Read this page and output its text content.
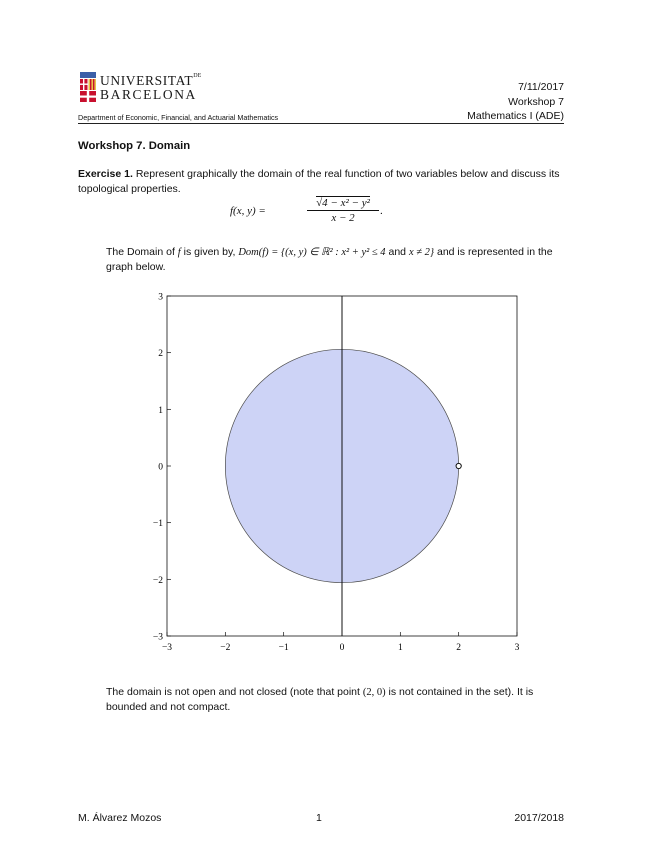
$UNIVERSITAT^{DE}$
BARCELONA
Department of Economic, Financial, and Actuarial Mathematics
7/11/2017
Workshop 7
Mathematics I (ADE)
Workshop 7. Domain
Exercise 1. Represent graphically the domain of the real function of two variables below and discuss its topological properties.
f(x, y) =	$\frac{\text{√4 − x² − y²}}{x - 2}$ .
The Domain of f is given by, Dom(f) = {(x, y) ∈ ℝ² : x² + y² ≤ 4 and x ≠ 2} and is represented in the graph below.
−3	−2	−1	0	1	2	3
3
2
1
0
−1
−2
−3
The domain is not open and not closed (note that point (2, 0) is not contained in the set). It is bounded and not compact.
M. Álvarez Mozos	1	2017/2018
